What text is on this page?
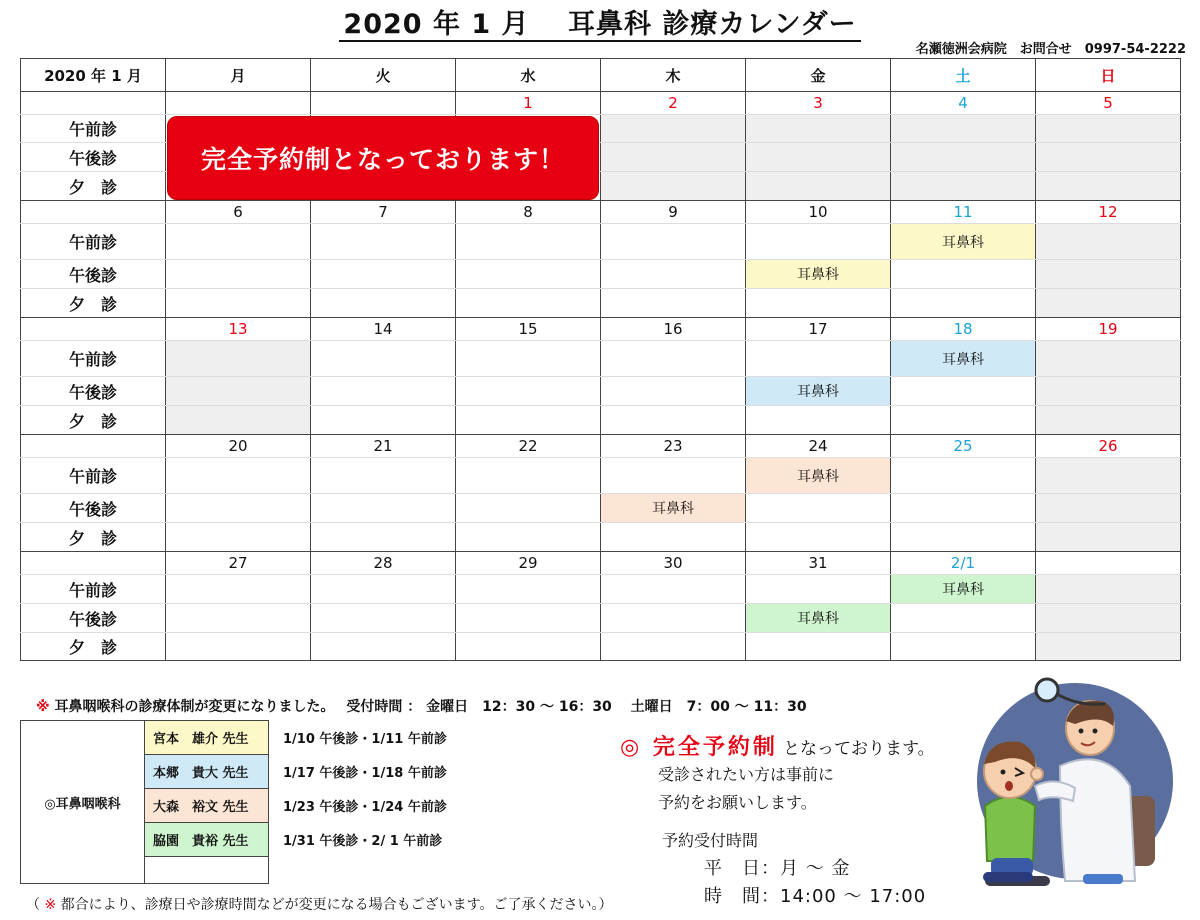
2020 年 1 月　 耳鼻科 診療カレンダー
名瀬徳洲会病院　お問合せ　0997-54-2222
2020 年 1 月	月	火	水	木	金	土	日
			1	2	3	4	5
午前診							
午後診							
夕　診							
	6	7	8	9	10	11	12
午前診						耳鼻科	
午後診					耳鼻科		
夕　診							
	13	14	15	16	17	18	19
午前診						耳鼻科	
午後診					耳鼻科		
夕　診							
	20	21	22	23	24	25	26
午前診					耳鼻科		
午後診				耳鼻科			
夕　診							
	27	28	29	30	31	2/1	
午前診						耳鼻科	
午後診					耳鼻科		
夕　診							
完全予約制となっております！
※ 耳鼻咽喉科の診療体制が変更になりました。　 受付時間 ： 金曜日　12：30 ～ 16：30　 土曜日　7：00 ～ 11：30
◎耳鼻咽喉科	宮本　雄介 先生	1/10 午後診・1/11 午前診
	本郷　貴大 先生	1/17 午後診・1/18 午前診
	大森　裕文 先生	1/23 午後診・1/24 午前診
	脇園　貴裕 先生	1/31 午後診・2/ 1 午前診

◎ 完全予約制 となっております。

受診されたい方は事前に

予約をお願いします。

予約受付時間

平　日：月 ～ 金

時　間：14:00 ～ 17:00

（ ※ 都合により、診療日や診療時間などが変更になる場合もございます。ご了承ください。）
